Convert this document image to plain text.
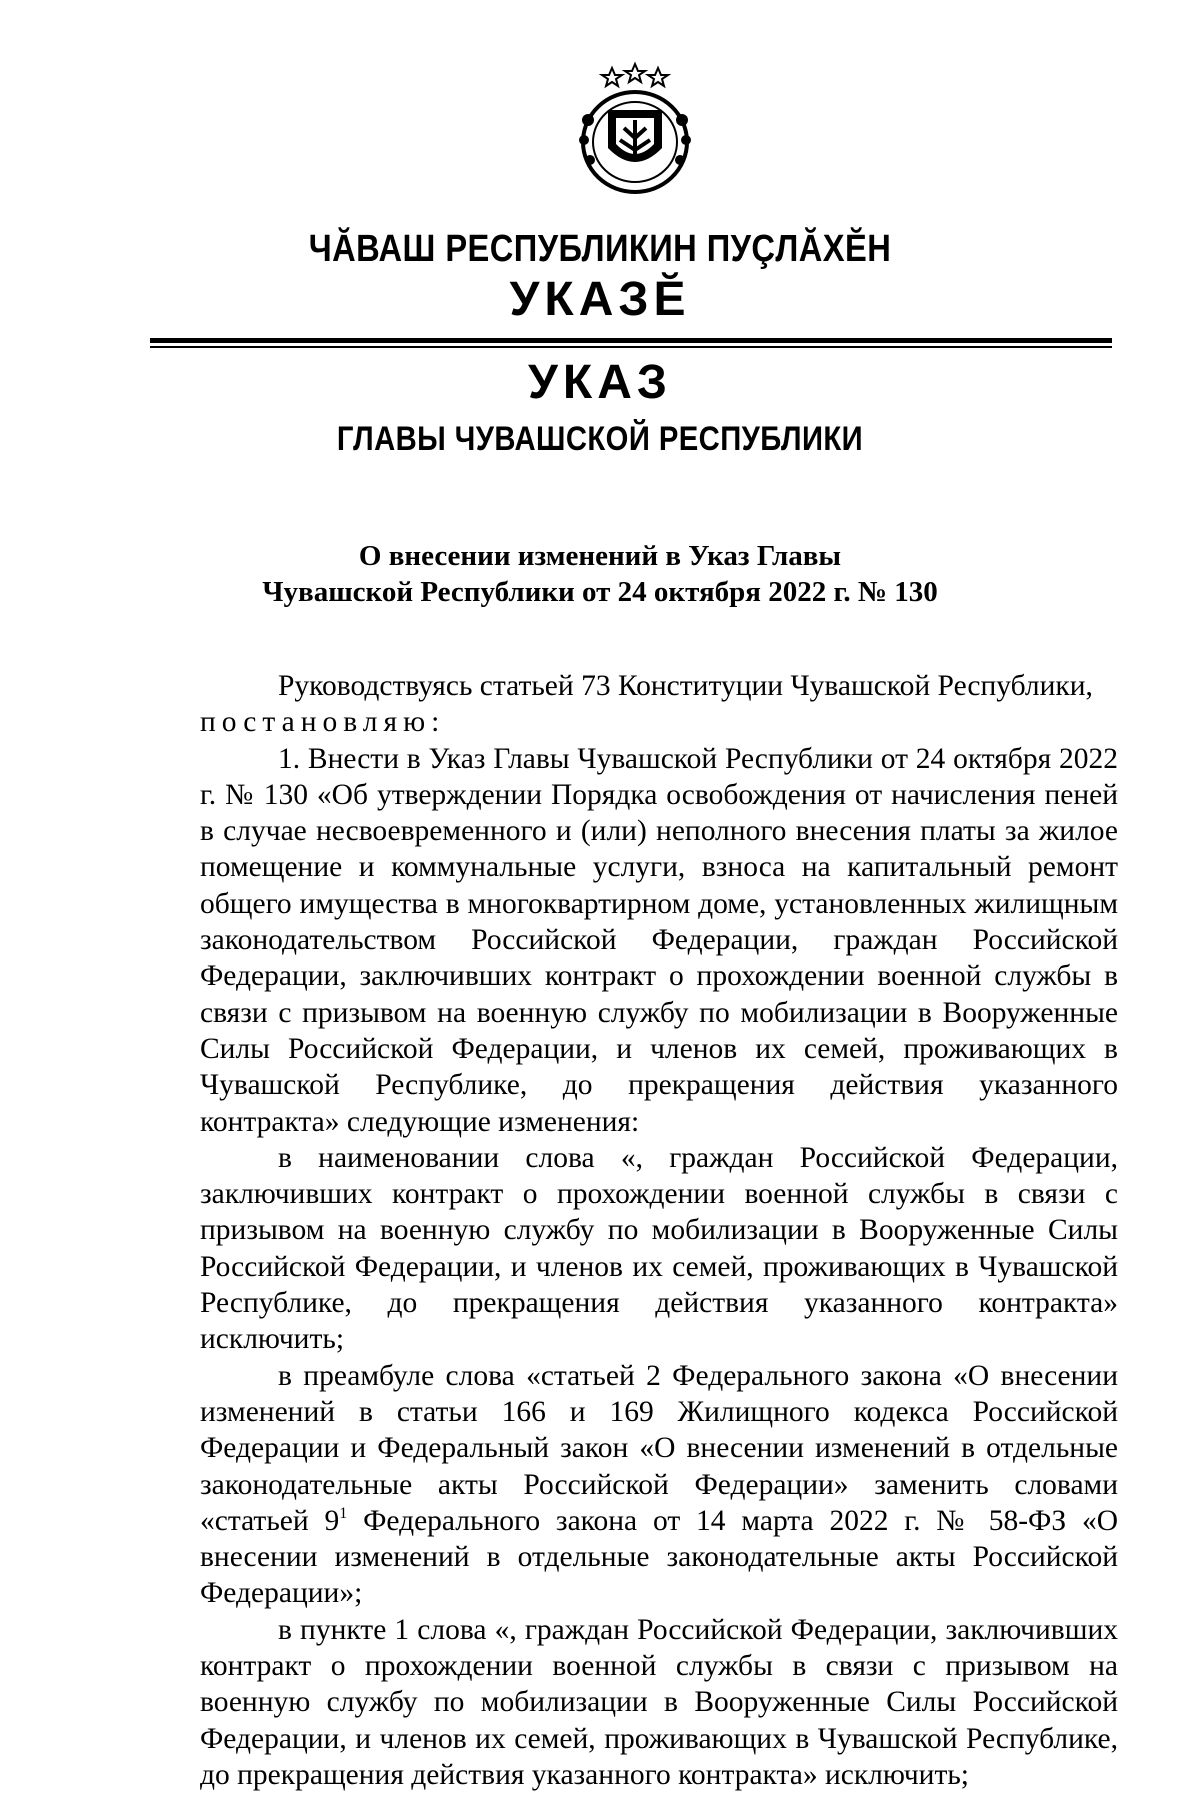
ЧĂВАШ РЕСПУБЛИКИН ПУÇЛĂХĔН
УКАЗĔ
УКАЗ
ГЛАВЫ ЧУВАШСКОЙ РЕСПУБЛИКИ
О внесении изменений в Указ Главы
Чувашской Республики от 24 октября 2022 г. № 130

Руководствуясь статьей 73 Конституции Чувашской Республики,

постановляю:

1. Внести в Указ Главы Чувашской Республики от 24 октября 2022 г. № 130 «Об утверждении Порядка освобождения от начисления пеней в случае несвоевременного и (или) неполного внесения платы за жилое помещение и коммунальные услуги, взноса на капитальный ремонт общего имущества в многоквартирном доме, установленных жилищным законодательством Российской Федерации, граждан Российской Федерации, заключивших контракт о прохождении военной службы в связи с призывом на военную службу по мобилизации в Вооруженные Силы Российской Федерации, и членов их семей, проживающих в Чувашской Республике, до прекращения действия указанного контракта» следующие изменения:

в наименовании слова «, граждан Российской Федерации, заключивших контракт о прохождении военной службы в связи с призывом на военную службу по мобилизации в Вооруженные Силы Российской Федерации, и членов их семей, проживающих в Чувашской Республике, до прекращения действия указанного контракта» исключить;

в преамбуле слова «статьей 2 Федерального закона «О внесении изменений в статьи 166 и 169 Жилищного кодекса Российской Федерации и Федеральный закон «О внесении изменений в отдельные законодательные акты Российской Федерации» заменить словами «статьей $9^1$ Федерального закона от 14 марта 2022 г. № 58-ФЗ «О внесении изменений в отдельные законодательные акты Российской Федерации»;

в пункте 1 слова «, граждан Российской Федерации, заключивших контракт о прохождении военной службы в связи с призывом на военную службу по мобилизации в Вооруженные Силы Российской Федерации, и членов их семей, проживающих в Чувашской Республике, до прекращения действия указанного контракта» исключить;
